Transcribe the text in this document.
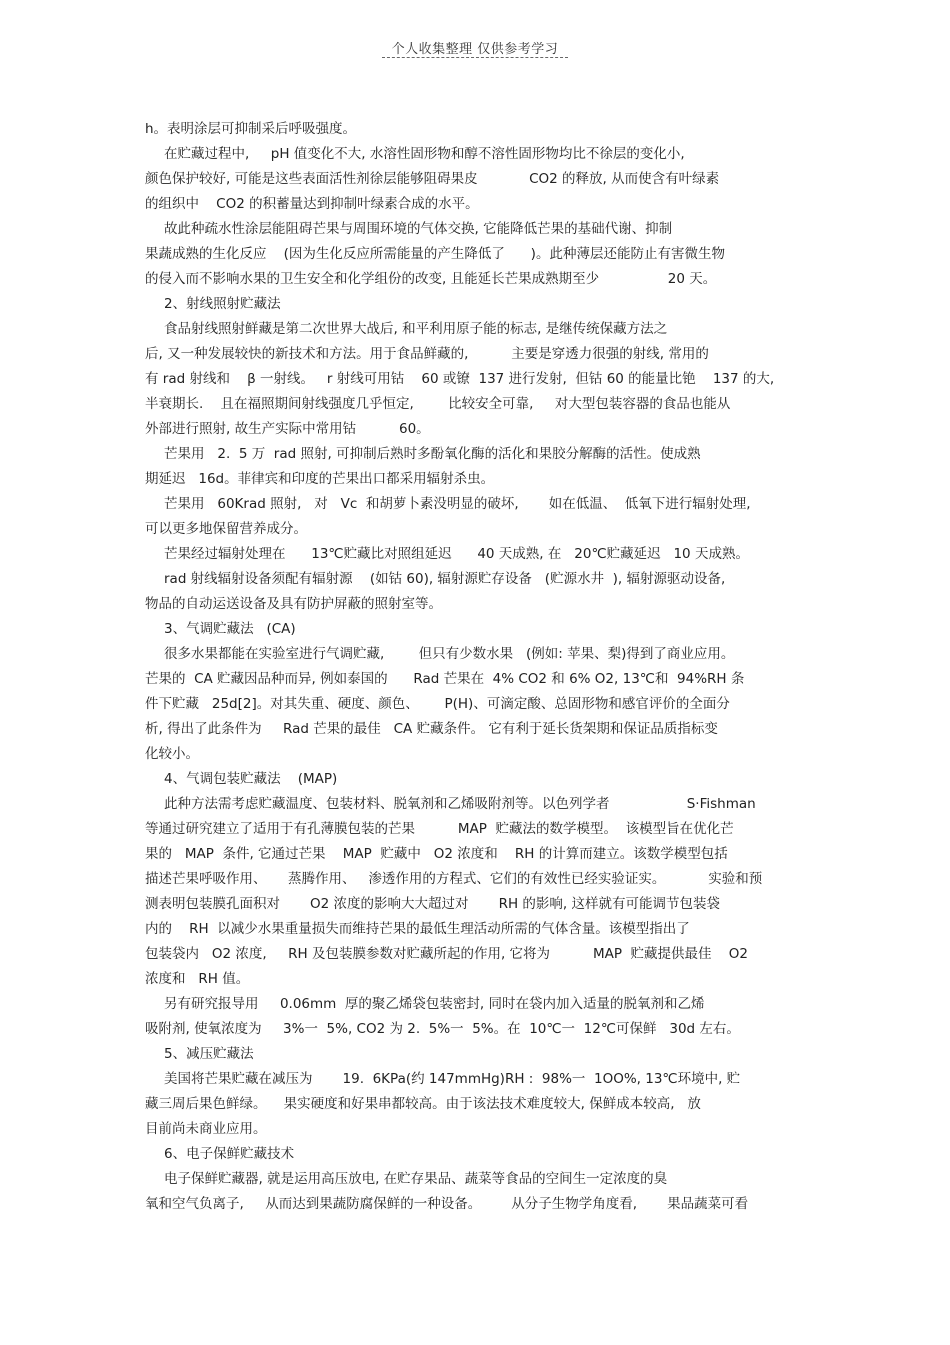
个人收集整理 仅供参考学习
h。表明涂层可抑制采后呼吸强度。
在贮藏过程中,     pH 值变化不大, 水溶性固形物和醇不溶性固形物均比不徐层的变化小,
颜色保护较好, 可能是这些表面活性剂徐层能够阻碍果皮            CO2 的释放, 从而使含有叶绿素
的组织中    CO2 的积蓄量达到抑制叶绿素合成的水平。
故此种疏水性涂层能阻碍芒果与周围环境的气体交换, 它能降低芒果的基础代谢、抑制
果蔬成熟的生化反应    (因为生化反应所需能量的产生降低了      )。此种薄层还能防止有害微生物
的侵入而不影响水果的卫生安全和化学组份的改变, 且能延长芒果成熟期至少                20 天。
2、射线照射贮藏法
食品射线照射鲜藏是第二次世界大战后, 和平利用原子能的标志, 是继传统保藏方法之
后, 又一种发展较快的新技术和方法。用于食品鲜藏的,          主要是穿透力很强的射线, 常用的
有 rad 射线和    β 一射线。   r 射线可用钴    60 或镣  137 进行发射,  但钴 60 的能量比铯    137 的大,
半衰期长.    且在福照期间射线强度几乎恒定,        比较安全可靠,     对大型包装容器的食品也能从
外部进行照射, 故生产实际中常用钴          60。
芒果用   2.  5 万  rad 照射, 可抑制后熟时多酚氧化酶的活化和果胶分解酶的活性。使成熟
期延迟   16d。菲律宾和印度的芒果出口都采用辐射杀虫。
芒果用   60Krad 照射,   对   Vc  和胡萝卜素没明显的破坏,       如在低温、  低氧下进行辐射处理,
可以更多地保留营养成分。
芒果经过辐射处理在      13℃贮藏比对照组延迟      40 天成熟, 在   20℃贮藏延迟   10 天成熟。
rad 射线辐射设备须配有辐射源    (如钴 60), 辐射源贮存设备   (贮源水井  ), 辐射源驱动设备,
物品的自动运送设备及具有防护屏蔽的照射室等。
3、气调贮藏法   (CA)
很多水果都能在实验室进行气调贮藏,        但只有少数水果   (例如: 苹果、梨)得到了商业应用。
芒果的  CA 贮藏因品种而异, 例如泰国的      Rad 芒果在  4% CO2 和 6% O2, 13℃和  94%RH 条
件下贮藏   25d[2]。对其失重、硬度、颜色、      P(H)、可滴定酸、总固形物和感官评价的全面分
析, 得出了此条件为     Rad 芒果的最佳   CA 贮藏条件。 它有利于延长货架期和保证品质指标变
化较小。
4、气调包装贮藏法    (MAP)
此种方法需考虑贮藏温度、包装材料、脱氧剂和乙烯吸附剂等。以色列学者                  S·Fishman
等通过研究建立了适用于有孔薄膜包装的芒果          MAP  贮藏法的数学模型。  该模型旨在优化芒
果的   MAP  条件, 它通过芒果    MAP  贮藏中   O2 浓度和    RH 的计算而建立。该数学模型包括
描述芒果呼吸作用、     蒸腾作用、   渗透作用的方程式、它们的有效性已经实验证实。          实验和预
测表明包装膜孔面积对       O2 浓度的影响大大超过对       RH 的影响, 这样就有可能调节包装袋
内的    RH  以减少水果重量损失而维持芒果的最低生理活动所需的气体含量。该模型指出了
包装袋内   O2 浓度,     RH 及包装膜参数对贮藏所起的作用, 它将为          MAP  贮藏提供最佳    O2
浓度和   RH 值。
另有研究报导用     0.06mm  厚的聚乙烯袋包装密封, 同时在袋内加入适量的脱氧剂和乙烯
吸附剂, 使氧浓度为     3%一  5%, CO2 为 2.  5%一  5%。在  10℃一  12℃可保鲜   30d 左右。
5、减压贮藏法
美国将芒果贮藏在减压为       19.  6KPa(约 147mmHg)RH :  98%一  1OO%, 13℃环境中, 贮
藏三周后果色鲜绿。    果实硬度和好果串都较高。由于该法技术难度较大, 保鲜成本较高,   放
目前尚未商业应用。
6、电子保鲜贮藏技术
电子保鲜贮藏器, 就是运用高压放电, 在贮存果品、蔬菜等食品的空间生一定浓度的臭
氧和空气负离子,     从而达到果蔬防腐保鲜的一种设备。       从分子生物学角度看,       果品蔬菜可看
